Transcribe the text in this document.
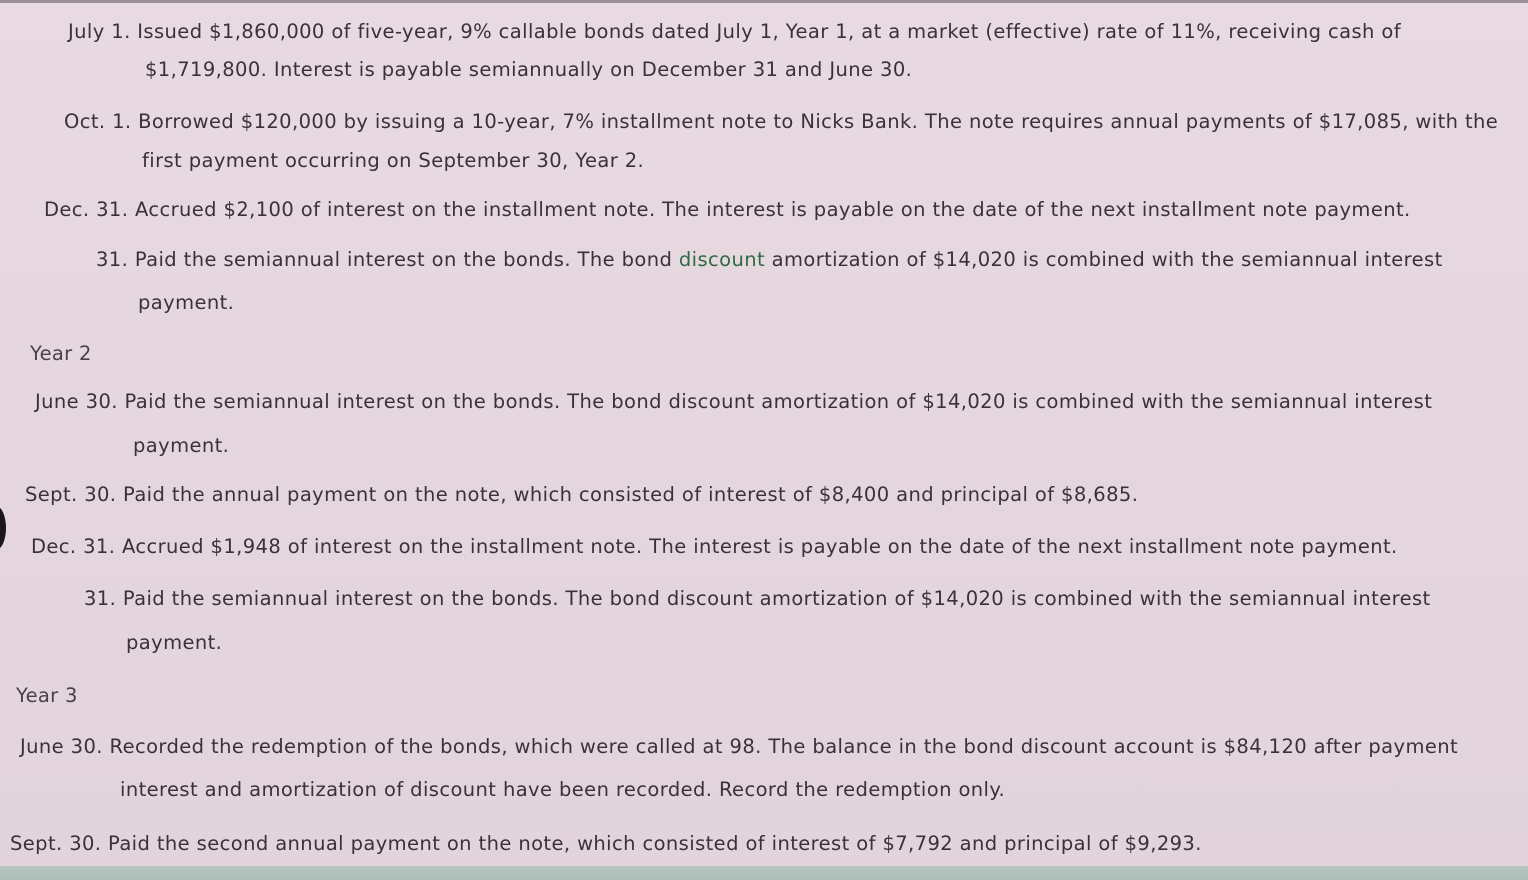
July 1. Issued $1,860,000 of five-year, 9% callable bonds dated July 1, Year 1, at a market (effective) rate of 11%, receiving cash of
$1,719,800. Interest is payable semiannually on December 31 and June 30.
Oct. 1. Borrowed $120,000 by issuing a 10-year, 7% installment note to Nicks Bank. The note requires annual payments of $17,085, with the
first payment occurring on September 30, Year 2.
Dec. 31. Accrued $2,100 of interest on the installment note. The interest is payable on the date of the next installment note payment.
31. Paid the semiannual interest on the bonds. The bond discount amortization of $14,020 is combined with the semiannual interest
payment.
Year 2
June 30. Paid the semiannual interest on the bonds. The bond discount amortization of $14,020 is combined with the semiannual interest
payment.
Sept. 30. Paid the annual payment on the note, which consisted of interest of $8,400 and principal of $8,685.
Dec. 31. Accrued $1,948 of interest on the installment note. The interest is payable on the date of the next installment note payment.
31. Paid the semiannual interest on the bonds. The bond discount amortization of $14,020 is combined with the semiannual interest
payment.
Year 3
June 30. Recorded the redemption of the bonds, which were called at 98. The balance in the bond discount account is $84,120 after payment
interest and amortization of discount have been recorded. Record the redemption only.
Sept. 30. Paid the second annual payment on the note, which consisted of interest of $7,792 and principal of $9,293.
